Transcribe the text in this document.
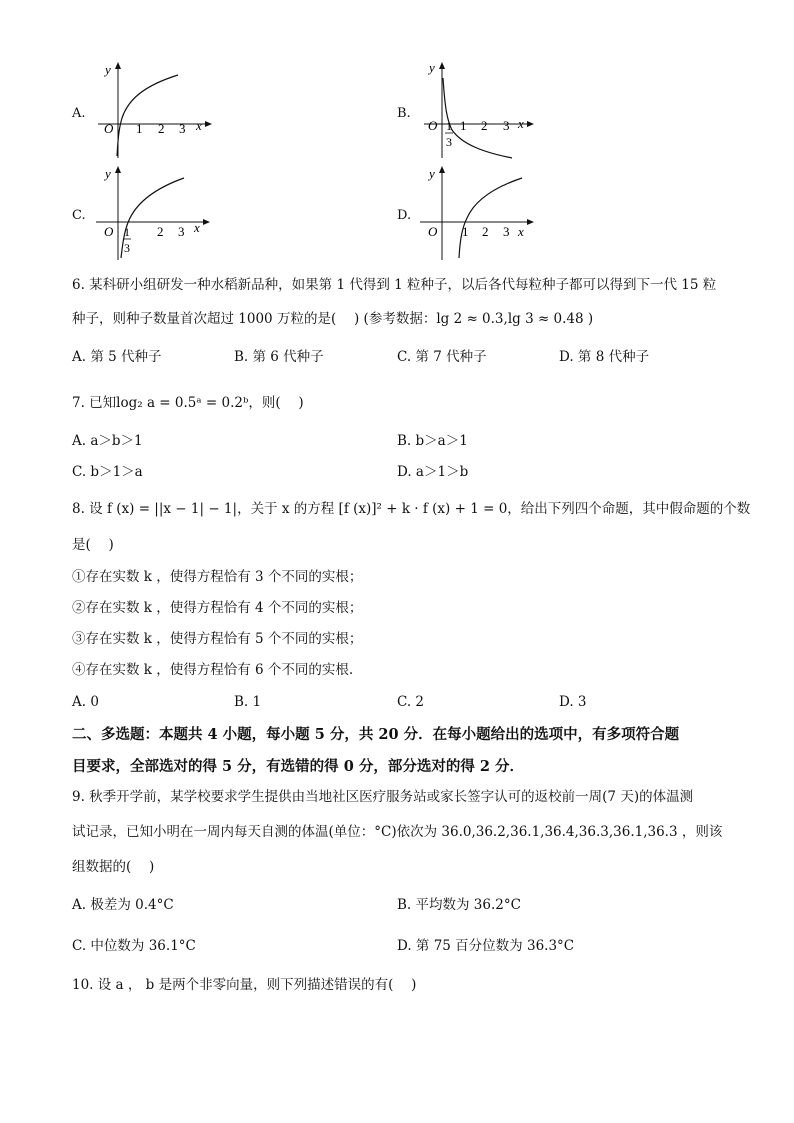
A.
y
x
O 1 2 3
B.
y
x
O 1
3
1 2 3
C.
y
x
O 1
3
2 3
D.
y
x
O 1 2 3
6. 某科研小组研发一种水稻新品种，如果第 1 代得到 1 粒种子，以后各代每粒种子都可以得到下一代 15 粒
种子，则种子数量首次超过 1000 万粒的是(　 ) (参考数据：lg 2 ≈ 0.3,lg 3 ≈ 0.48 )
A. 第 5 代种子	B. 第 6 代种子	C. 第 7 代种子	D. 第 8 代种子
7. 已知log₂ a = 0.5ᵃ = 0.2ᵇ，则(　 )
A. a＞b＞1	B. b＞a＞1
C. b＞1＞a	D. a＞1＞b
8. 设 f (x) = ||x − 1| − 1|，关于 x 的方程 [f (x)]² + k · f (x) + 1 = 0，给出下列四个命题，其中假命题的个数
是(　 )
①存在实数 k ，使得方程恰有 3 个不同的实根；
②存在实数 k ，使得方程恰有 4 个不同的实根；
③存在实数 k ，使得方程恰有 5 个不同的实根；
④存在实数 k ，使得方程恰有 6 个不同的实根.
A. 0	B. 1	C. 2	D. 3
二、多选题：本题共 4 小题，每小题 5 分，共 20 分．在每小题给出的选项中，有多项符合题
目要求，全部选对的得 5 分，有选错的得 0 分，部分选对的得 2 分．
9. 秋季开学前，某学校要求学生提供由当地社区医疗服务站或家长签字认可的返校前一周(7 天)的体温测
试记录，已知小明在一周内每天自测的体温(单位：°C)依次为 36.0,36.2,36.1,36.4,36.3,36.1,36.3 ，则该
组数据的(　 )
A. 极差为 0.4°C	B. 平均数为 36.2°C
C. 中位数为 36.1°C	D. 第 75 百分位数为 36.3°C
10. 设 a ， b 是两个非零向量，则下列描述错误的有(　 )
